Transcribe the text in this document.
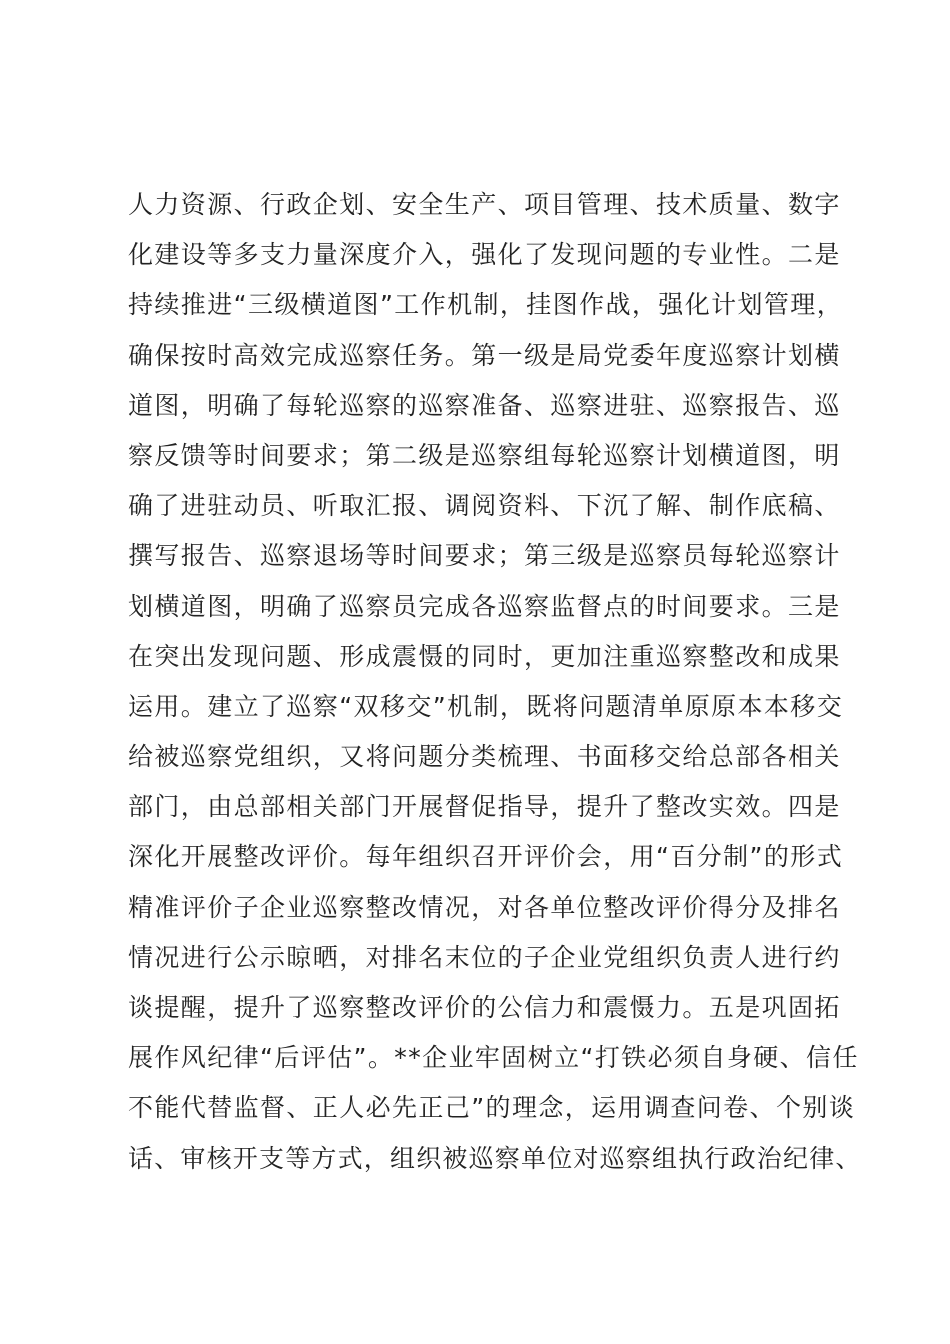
人力资源、行政企划、安全生产、项目管理、技术质量、数字
化建设等多支力量深度介入，强化了发现问题的专业性。二是
持续推进“三级横道图”工作机制，挂图作战，强化计划管理，
确保按时高效完成巡察任务。第一级是局党委年度巡察计划横
道图，明确了每轮巡察的巡察准备、巡察进驻、巡察报告、巡
察反馈等时间要求；第二级是巡察组每轮巡察计划横道图，明
确了进驻动员、听取汇报、调阅资料、下沉了解、制作底稿、
撰写报告、巡察退场等时间要求；第三级是巡察员每轮巡察计
划横道图，明确了巡察员完成各巡察监督点的时间要求。三是
在突出发现问题、形成震慑的同时，更加注重巡察整改和成果
运用。建立了巡察“双移交”机制，既将问题清单原原本本移交
给被巡察党组织，又将问题分类梳理、书面移交给总部各相关
部门，由总部相关部门开展督促指导，提升了整改实效。四是
深化开展整改评价。每年组织召开评价会，用“百分制”的形式
精准评价子企业巡察整改情况，对各单位整改评价得分及排名
情况进行公示晾晒，对排名末位的子企业党组织负责人进行约
谈提醒，提升了巡察整改评价的公信力和震慑力。五是巩固拓
展作风纪律“后评估”。**企业牢固树立“打铁必须自身硬、信任
不能代替监督、正人必先正己”的理念，运用调查问卷、个别谈
话、审核开支等方式，组织被巡察单位对巡察组执行政治纪律、
